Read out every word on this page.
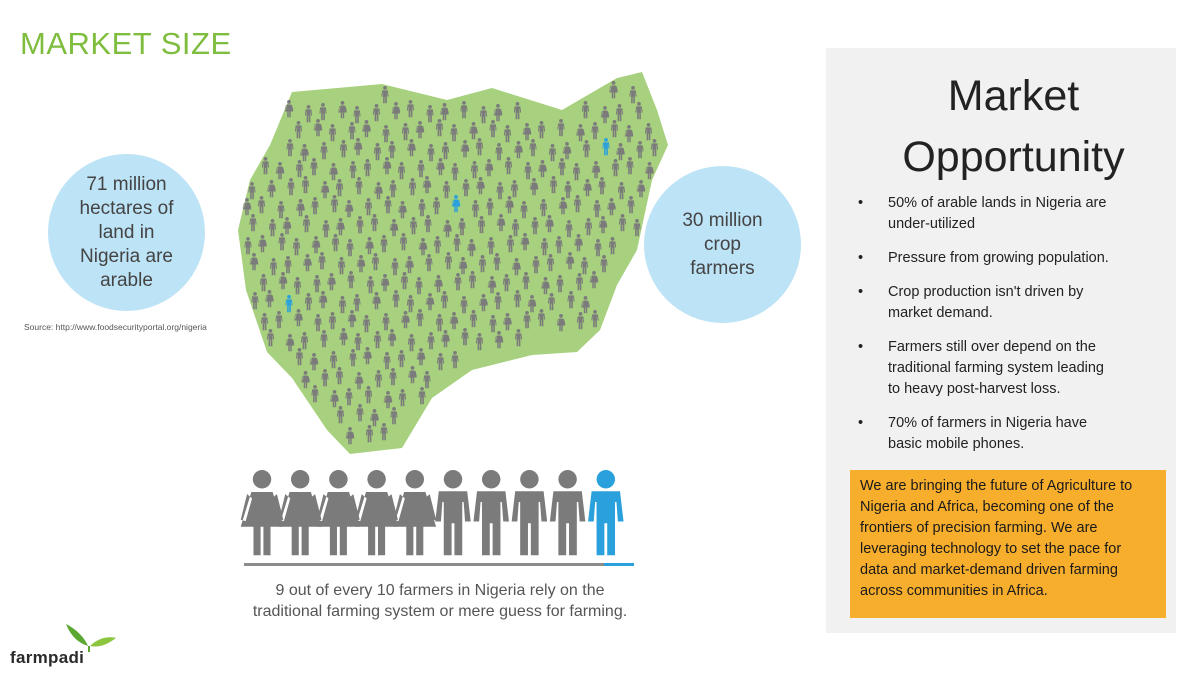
MARKET SIZE
71 million
hectares of
land in
Nigeria are
arable
30 million
crop
farmers
Source: http://www.foodsecurityportal.org/nigeria
9 out of every 10 farmers in Nigeria rely on the traditional farming system or mere guess for farming.
Market
Opportunity
• 50% of arable lands in Nigeria are
under-utilized
• Pressure from growing population.
• Crop production isn't driven by
market demand.
• Farmers still over depend on the
traditional farming system leading
to heavy post-harvest loss.
• 70% of farmers in Nigeria have
basic mobile phones.
We are bringing the future of Agriculture to
Nigeria and Africa, becoming one of the
frontiers of precision farming. We are
leveraging technology to set the pace for
data and market-demand driven farming
across communities in Africa.
farmpadi
